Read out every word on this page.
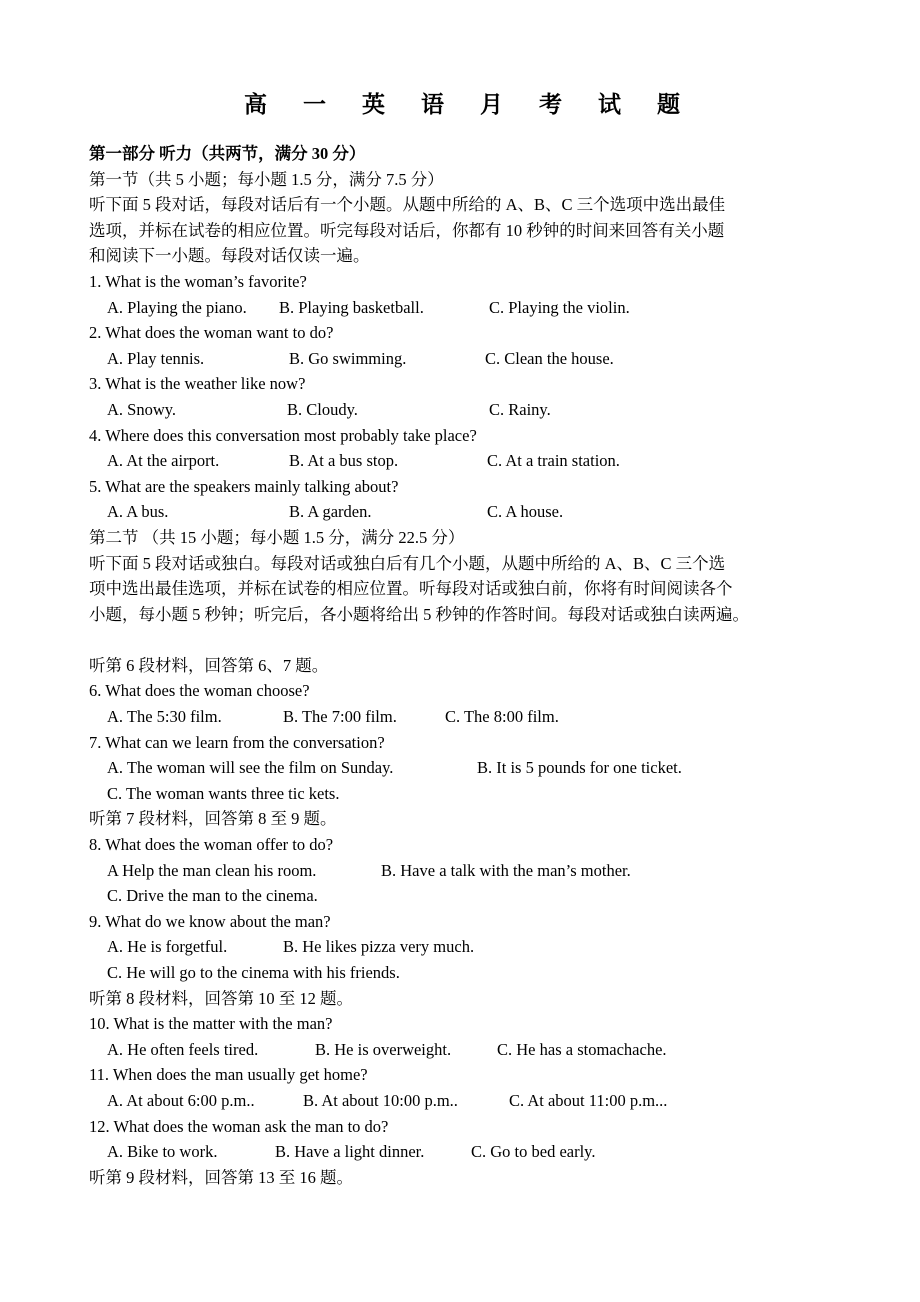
高 一 英 语 月 考 试 题
第一部分 听力（共两节，满分 30 分）
第一节（共 5 小题；每小题 1.5 分，满分 7.5 分）
听下面 5 段对话，每段对话后有一个小题。从题中所给的 A、B、C 三个选项中选出最佳
选项，并标在试卷的相应位置。听完每段对话后，你都有 10 秒钟的时间来回答有关小题
和阅读下一小题。每段对话仅读一遍。
1. What is the woman’s favorite?
A. Playing the piano. B. Playing basketball.	C. Playing the violin.
2. What does the woman want to do?
A. Play tennis.	B. Go swimming.	C. Clean the house.
3. What is the weather like now?
A. Snowy.	B. Cloudy.	C. Rainy.
4. Where does this conversation most probably take place?
A. At the airport.	B. At a bus stop.	C. At a train station.
5. What are the speakers mainly talking about?
A. A bus.	B. A garden.	C. A house.
第二节 （共 15 小题；每小题 1.5 分，满分 22.5 分）
听下面 5 段对话或独白。每段对话或独白后有几个小题，从题中所给的 A、B、C 三个选
项中选出最佳选项，并标在试卷的相应位置。听每段对话或独白前，你将有时间阅读各个
小题，每小题 5 秒钟；听完后，各小题将给出 5 秒钟的作答时间。每段对话或独白读两遍。
听第 6 段材料，回答第 6、7 题。
6. What does the woman choose?
A. The 5:30 film.	B. The 7:00 film.	C. The 8:00 film.
7. What can we learn from the conversation?
A. The woman will see the film on Sunday.	B. It is 5 pounds for one ticket.
C. The woman wants three tic kets.
听第 7 段材料，回答第 8 至 9 题。
8. What does the woman offer to do?
A Help the man clean his room.	B. Have a talk with the man’s mother.
C. Drive the man to the cinema.
9. What do we know about the man?
A. He is forgetful.	B. He likes pizza very much.
C. He will go to the cinema with his friends.
听第 8 段材料，回答第 10 至 12 题。
10. What is the matter with the man?
A. He often feels tired.	B. He is overweight.	C. He has a stomachache.
11. When does the man usually get home?
A. At about 6:00 p.m..	B. At about 10:00 p.m..	C. At about 11:00 p.m...
12. What does the woman ask the man to do?
A. Bike to work.	B. Have a light dinner.	C. Go to bed early.
听第 9 段材料，回答第 13 至 16 题。
